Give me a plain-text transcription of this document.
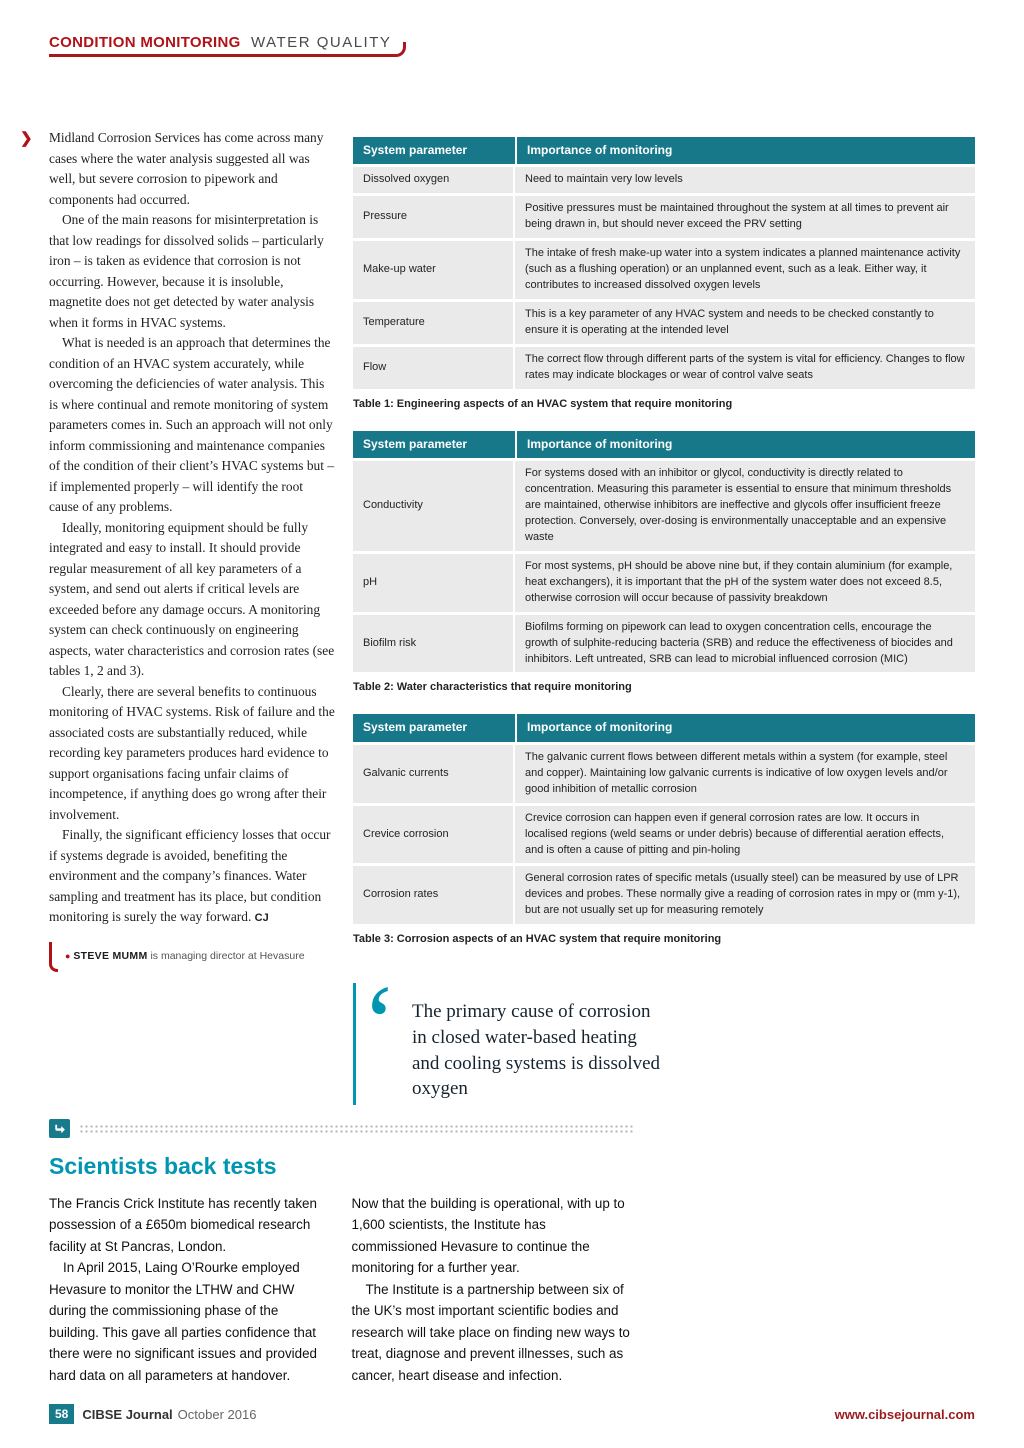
CONDITION MONITORING WATER QUALITY
❯ Midland Corrosion Services has come across many cases where the water analysis suggested all was well, but severe corrosion to pipework and components had occurred.

One of the main reasons for misinterpretation is that low readings for dissolved solids – particularly iron – is taken as evidence that corrosion is not occurring. However, because it is insoluble, magnetite does not get detected by water analysis when it forms in HVAC systems.

What is needed is an approach that determines the condition of an HVAC system accurately, while overcoming the deficiencies of water analysis. This is where continual and remote monitoring of system parameters comes in. Such an approach will not only inform commissioning and maintenance companies of the condition of their client’s HVAC systems but – if implemented properly – will identify the root cause of any problems.

Ideally, monitoring equipment should be fully integrated and easy to install. It should provide regular measurement of all key parameters of a system, and send out alerts if critical levels are exceeded before any damage occurs. A monitoring system can check continuously on engineering aspects, water characteristics and corrosion rates (see tables 1, 2 and 3).

Clearly, there are several benefits to continuous monitoring of HVAC systems. Risk of failure and the associated costs are substantially reduced, while recording key parameters produces hard evidence to support organisations facing unfair claims of incompetence, if anything does go wrong after their involvement.

Finally, the significant efficiency losses that occur if systems degrade is avoided, benefiting the environment and the company’s finances. Water sampling and treatment has its place, but condition monitoring is surely the way forward. CJ

● STEVE MUMM is managing director at Hevasure

System parameter	Importance of monitoring
Dissolved oxygen	Need to maintain very low levels
Pressure	Positive pressures must be maintained throughout the system at all times to prevent air being drawn in, but should never exceed the PRV setting
Make-up water	The intake of fresh make-up water into a system indicates a planned maintenance activity (such as a flushing operation) or an unplanned event, such as a leak. Either way, it contributes to increased dissolved oxygen levels
Temperature	This is a key parameter of any HVAC system and needs to be checked constantly to ensure it is operating at the intended level
Flow	The correct flow through different parts of the system is vital for efficiency. Changes to flow rates may indicate blockages or wear of control valve seats

Table 1: Engineering aspects of an HVAC system that require monitoring

System parameter	Importance of monitoring
Conductivity	For systems dosed with an inhibitor or glycol, conductivity is directly related to concentration. Measuring this parameter is essential to ensure that minimum thresholds are maintained, otherwise inhibitors are ineffective and glycols offer insufficient freeze protection. Conversely, over-dosing is environmentally unacceptable and an expensive waste
pH	For most systems, pH should be above nine but, if they contain aluminium (for example, heat exchangers), it is important that the pH of the system water does not exceed 8.5, otherwise corrosion will occur because of passivity breakdown
Biofilm risk	Biofilms forming on pipework can lead to oxygen concentration cells, encourage the growth of sulphite-reducing bacteria (SRB) and reduce the effectiveness of biocides and inhibitors. Left untreated, SRB can lead to microbial influenced corrosion (MIC)

Table 2: Water characteristics that require monitoring

System parameter	Importance of monitoring
Galvanic currents	The galvanic current flows between different metals within a system (for example, steel and copper). Maintaining low galvanic currents is indicative of low oxygen levels and/or good inhibition of metallic corrosion
Crevice corrosion	Crevice corrosion can happen even if general corrosion rates are low. It occurs in localised regions (weld seams or under debris) because of differential aeration effects, and is often a cause of pitting and pin-holing
Corrosion rates	General corrosion rates of specific metals (usually steel) can be measured by use of LPR devices and probes. These normally give a reading of corrosion rates in mpy or (mm y-1), but are not usually set up for measuring remotely

Table 3: Corrosion aspects of an HVAC system that require monitoring

‘ The primary cause of corrosion in closed water-based heating and cooling systems is dissolved oxygen
Scientists back tests

The Francis Crick Institute has recently taken possession of a £650m biomedical research facility at St Pancras, London.

In April 2015, Laing O’Rourke employed Hevasure to monitor the LTHW and CHW during the commissioning phase of the building. This gave all parties confidence that there were no significant issues and provided hard data on all parameters at handover.

Now that the building is operational, with up to 1,600 scientists, the Institute has commissioned Hevasure to continue the monitoring for a further year.

The Institute is a partnership between six of the UK’s most important scientific bodies and research will take place on finding new ways to treat, diagnose and prevent illnesses, such as cancer, heart disease and infection.

58	CIBSE Journal October 2016	www.cibsejournal.com
